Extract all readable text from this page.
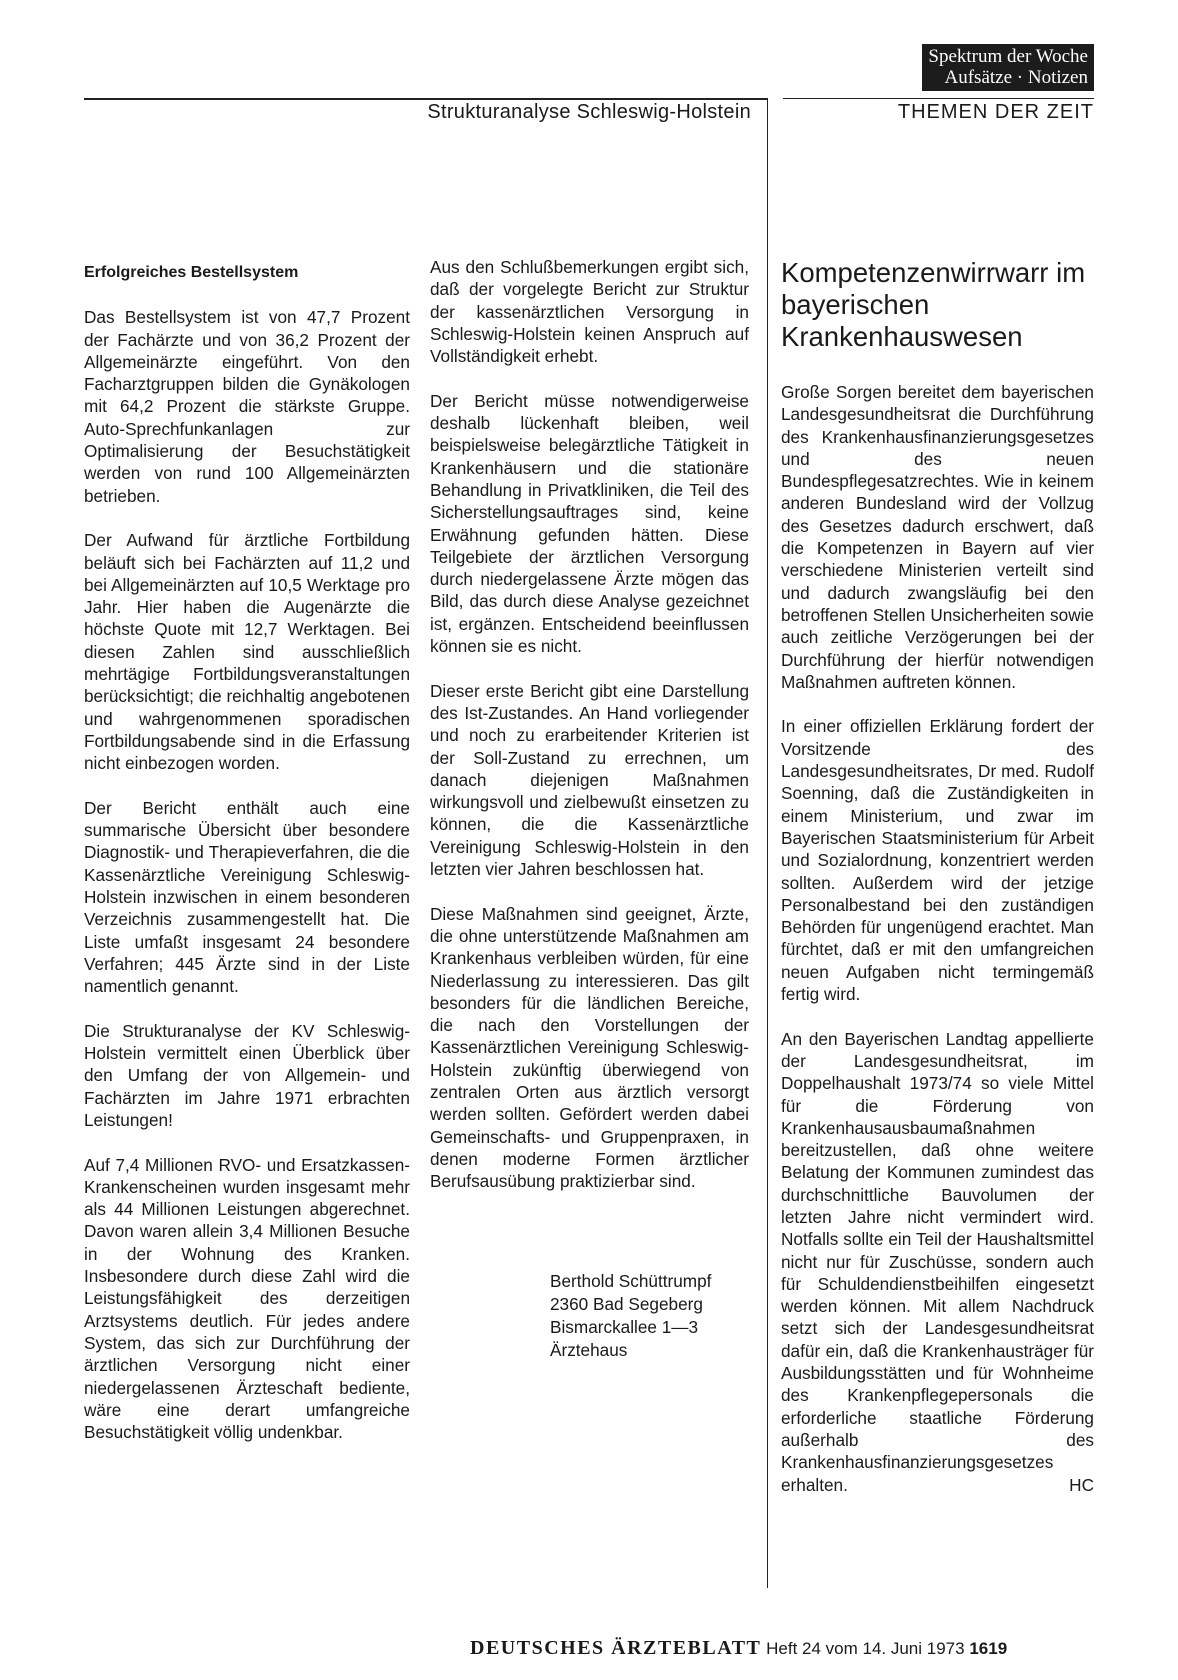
Spektrum der Woche
Aufsätze · Notizen
Strukturanalyse Schleswig-Holstein	THEMEN DER ZEIT
Erfolgreiches Bestellsystem

Das Bestellsystem ist von 47,7 Prozent der Fachärzte und von 36,2 Prozent der Allgemeinärzte eingeführt. Von den Facharztgruppen bilden die Gynäkologen mit 64,2 Prozent die stärkste Gruppe. Auto-Sprechfunkanlagen zur Optimalisierung der Besuchstätigkeit werden von rund 100 Allgemeinärzten betrieben.

Der Aufwand für ärztliche Fortbildung beläuft sich bei Fachärzten auf 11,2 und bei Allgemeinärzten auf 10,5 Werktage pro Jahr. Hier haben die Augenärzte die höchste Quote mit 12,7 Werktagen. Bei diesen Zahlen sind ausschließlich mehrtägige Fortbildungsveranstaltungen berücksichtigt; die reichhaltig angebotenen und wahrgenommenen sporadischen Fortbildungsabende sind in die Erfassung nicht einbezogen worden.

Der Bericht enthält auch eine summarische Übersicht über besondere Diagnostik- und Therapieverfahren, die die Kassenärztliche Vereinigung Schleswig-Holstein inzwischen in einem besonderen Verzeichnis zusammengestellt hat. Die Liste umfaßt insgesamt 24 besondere Verfahren; 445 Ärzte sind in der Liste namentlich genannt.

Die Strukturanalyse der KV Schleswig-Holstein vermittelt einen Überblick über den Umfang der von Allgemein- und Fachärzten im Jahre 1971 erbrachten Leistungen!

Auf 7,4 Millionen RVO- und Ersatzkassen-Krankenscheinen wurden insgesamt mehr als 44 Millionen Leistungen abgerechnet. Davon waren allein 3,4 Millionen Besuche in der Wohnung des Kranken. Insbesondere durch diese Zahl wird die Leistungsfähigkeit des derzeitigen Arztsystems deutlich. Für jedes andere System, das sich zur Durchführung der ärztlichen Versorgung nicht einer niedergelassenen Ärzteschaft bediente, wäre eine derart umfangreiche Besuchstätigkeit völlig undenkbar.

Aus den Schlußbemerkungen ergibt sich, daß der vorgelegte Bericht zur Struktur der kassenärztlichen Versorgung in Schleswig-Holstein keinen Anspruch auf Vollständigkeit erhebt.

Der Bericht müsse notwendigerweise deshalb lückenhaft bleiben, weil beispielsweise belegärztliche Tätigkeit in Krankenhäusern und die stationäre Behandlung in Privatkliniken, die Teil des Sicherstellungsauftrages sind, keine Erwähnung gefunden hätten. Diese Teilgebiete der ärztlichen Versorgung durch niedergelassene Ärzte mögen das Bild, das durch diese Analyse gezeichnet ist, ergänzen. Entscheidend beeinflussen können sie es nicht.

Dieser erste Bericht gibt eine Darstellung des Ist-Zustandes. An Hand vorliegender und noch zu erarbeitender Kriterien ist der Soll-Zustand zu errechnen, um danach diejenigen Maßnahmen wirkungsvoll und zielbewußt einsetzen zu können, die die Kassenärztliche Vereinigung Schleswig-Holstein in den letzten vier Jahren beschlossen hat.

Diese Maßnahmen sind geeignet, Ärzte, die ohne unterstützende Maßnahmen am Krankenhaus verbleiben würden, für eine Niederlassung zu interessieren. Das gilt besonders für die ländlichen Bereiche, die nach den Vorstellungen der Kassenärztlichen Vereinigung Schleswig-Holstein zukünftig überwiegend von zentralen Orten aus ärztlich versorgt werden sollten. Gefördert werden dabei Gemeinschafts- und Gruppenpraxen, in denen moderne Formen ärztlicher Berufsausübung praktizierbar sind.

Berthold Schüttrumpf
2360 Bad Segeberg
Bismarckallee 1—3
Ärztehaus
Kompetenzenwirrwarr im bayerischen Krankenhauswesen

Große Sorgen bereitet dem bayerischen Landesgesundheitsrat die Durchführung des Krankenhausfinanzierungsgesetzes und des neuen Bundespflegesatzrechtes. Wie in keinem anderen Bundesland wird der Vollzug des Gesetzes dadurch erschwert, daß die Kompetenzen in Bayern auf vier verschiedene Ministerien verteilt sind und dadurch zwangsläufig bei den betroffenen Stellen Unsicherheiten sowie auch zeitliche Verzögerungen bei der Durchführung der hierfür notwendigen Maßnahmen auftreten können.

In einer offiziellen Erklärung fordert der Vorsitzende des Landesgesundheitsrates, Dr med. Rudolf Soenning, daß die Zuständigkeiten in einem Ministerium, und zwar im Bayerischen Staatsministerium für Arbeit und Sozialordnung, konzentriert werden sollten. Außerdem wird der jetzige Personalbestand bei den zuständigen Behörden für ungenügend erachtet. Man fürchtet, daß er mit den umfangreichen neuen Aufgaben nicht termingemäß fertig wird.

An den Bayerischen Landtag appellierte der Landesgesundheitsrat, im Doppelhaushalt 1973/74 so viele Mittel für die Förderung von Krankenhausausbaumaßnahmen bereitzustellen, daß ohne weitere Belatung der Kommunen zumindest das durchschnittliche Bauvolumen der letzten Jahre nicht vermindert wird. Notfalls sollte ein Teil der Haushaltsmittel nicht nur für Zuschüsse, sondern auch für Schuldendienstbeihilfen eingesetzt werden können. Mit allem Nachdruck setzt sich der Landesgesundheitsrat dafür ein, daß die Krankenhausträger für Ausbildungsstätten und für Wohnheime des Krankenpflegepersonals die erforderliche staatliche Förderung außerhalb des Krankenhausfinanzierungsgesetzes erhalten.	HC

DEUTSCHES ÄRZTEBLATT Heft 24 vom 14. Juni 1973 1619
